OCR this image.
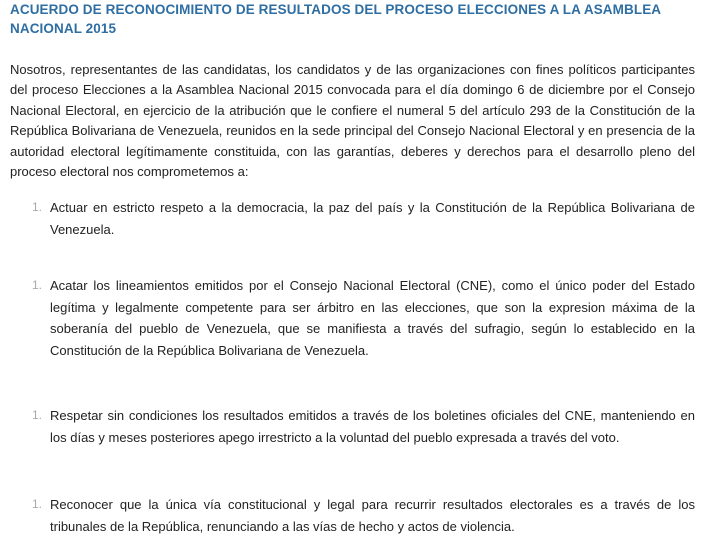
ACUERDO DE RECONOCIMIENTO DE RESULTADOS DEL PROCESO ELECCIONES A LA ASAMBLEA NACIONAL 2015

Nosotros, representantes de las candidatas, los candidatos y de las organizaciones con fines políticos participantes del proceso Elecciones a la Asamblea Nacional 2015 convocada para el día domingo 6 de diciembre por el Consejo Nacional Electoral, en ejercicio de la atribución que le confiere el numeral 5 del artículo 293 de la Constitución de la República Bolivariana de Venezuela, reunidos en la sede principal del Consejo Nacional Electoral y en presencia de la autoridad electoral legítimamente constituida, con las garantías, deberes y derechos para el desarrollo pleno del proceso electoral nos comprometemos a:

1. Actuar en estricto respeto a la democracia, la paz del país y la Constitución de la República Bolivariana de Venezuela.
1. Acatar los lineamientos emitidos por el Consejo Nacional Electoral (CNE), como el único poder del Estado legítima y legalmente competente para ser árbitro en las elecciones, que son la expresion máxima de la soberanía del pueblo de Venezuela, que se manifiesta a través del sufragio, según lo establecido en la Constitución de la República Bolivariana de Venezuela.
1. Respetar sin condiciones los resultados emitidos a través de los boletines oficiales del CNE, manteniendo en los días y meses posteriores apego irrestricto a la voluntad del pueblo expresada a través del voto.
1. Reconocer que la única vía constitucional y legal para recurrir resultados electorales es a través de los tribunales de la República, renunciando a las vías de hecho y actos de violencia.
